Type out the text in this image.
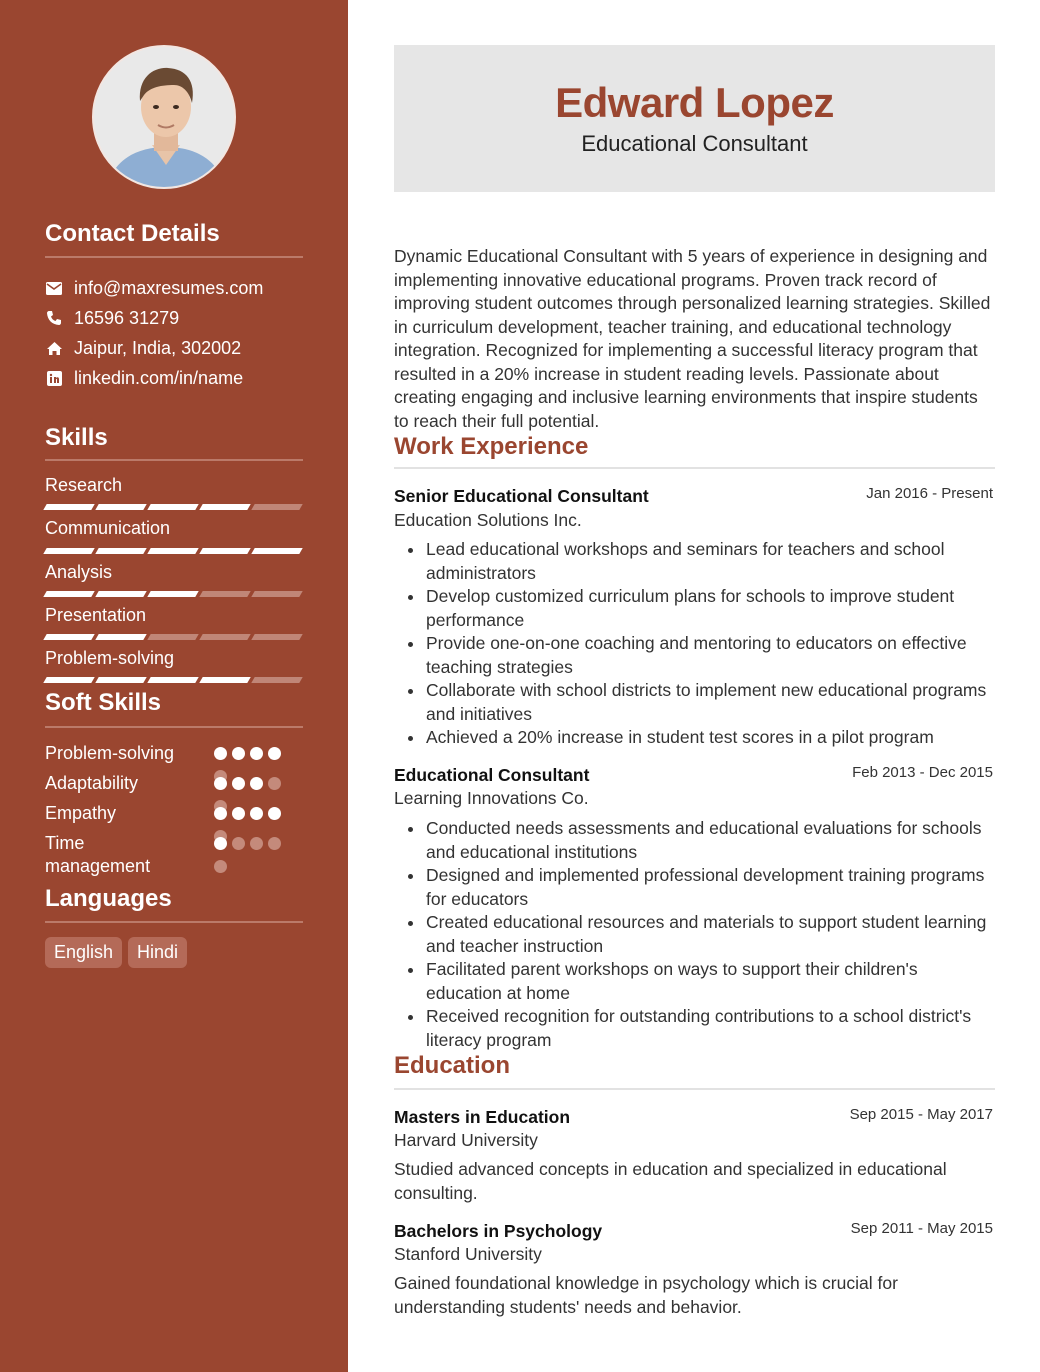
Contact Details
info@maxresumes.com
16596 31279
Jaipur, India, 302002
linkedin.com/in/name
Skills
Research
Communication
Analysis
Presentation
Problem-solving
Soft Skills
Problem-solving
Adaptability
Empathy
Time management
Languages
English	Hindi
Edward Lopez
Educational Consultant
Dynamic Educational Consultant with 5 years of experience in designing and implementing innovative educational programs. Proven track record of improving student outcomes through personalized learning strategies. Skilled in curriculum development, teacher training, and educational technology integration. Recognized for implementing a successful literacy program that resulted in a 20% increase in student reading levels. Passionate about creating engaging and inclusive learning environments that inspire students to reach their full potential.
Work Experience
Senior Educational Consultant	Jan 2016 - Present
Education Solutions Inc.
Lead educational workshops and seminars for teachers and school administrators
Develop customized curriculum plans for schools to improve student performance
Provide one-on-one coaching and mentoring to educators on effective teaching strategies
Collaborate with school districts to implement new educational programs and initiatives
Achieved a 20% increase in student test scores in a pilot program
Educational Consultant	Feb 2013 - Dec 2015
Learning Innovations Co.
Conducted needs assessments and educational evaluations for schools and educational institutions
Designed and implemented professional development training programs for educators
Created educational resources and materials to support student learning and teacher instruction
Facilitated parent workshops on ways to support their children's education at home
Received recognition for outstanding contributions to a school district's literacy program
Education
Masters in Education	Sep 2015 - May 2017
Harvard University
Studied advanced concepts in education and specialized in educational consulting.
Bachelors in Psychology	Sep 2011 - May 2015
Stanford University
Gained foundational knowledge in psychology which is crucial for understanding students' needs and behavior.
